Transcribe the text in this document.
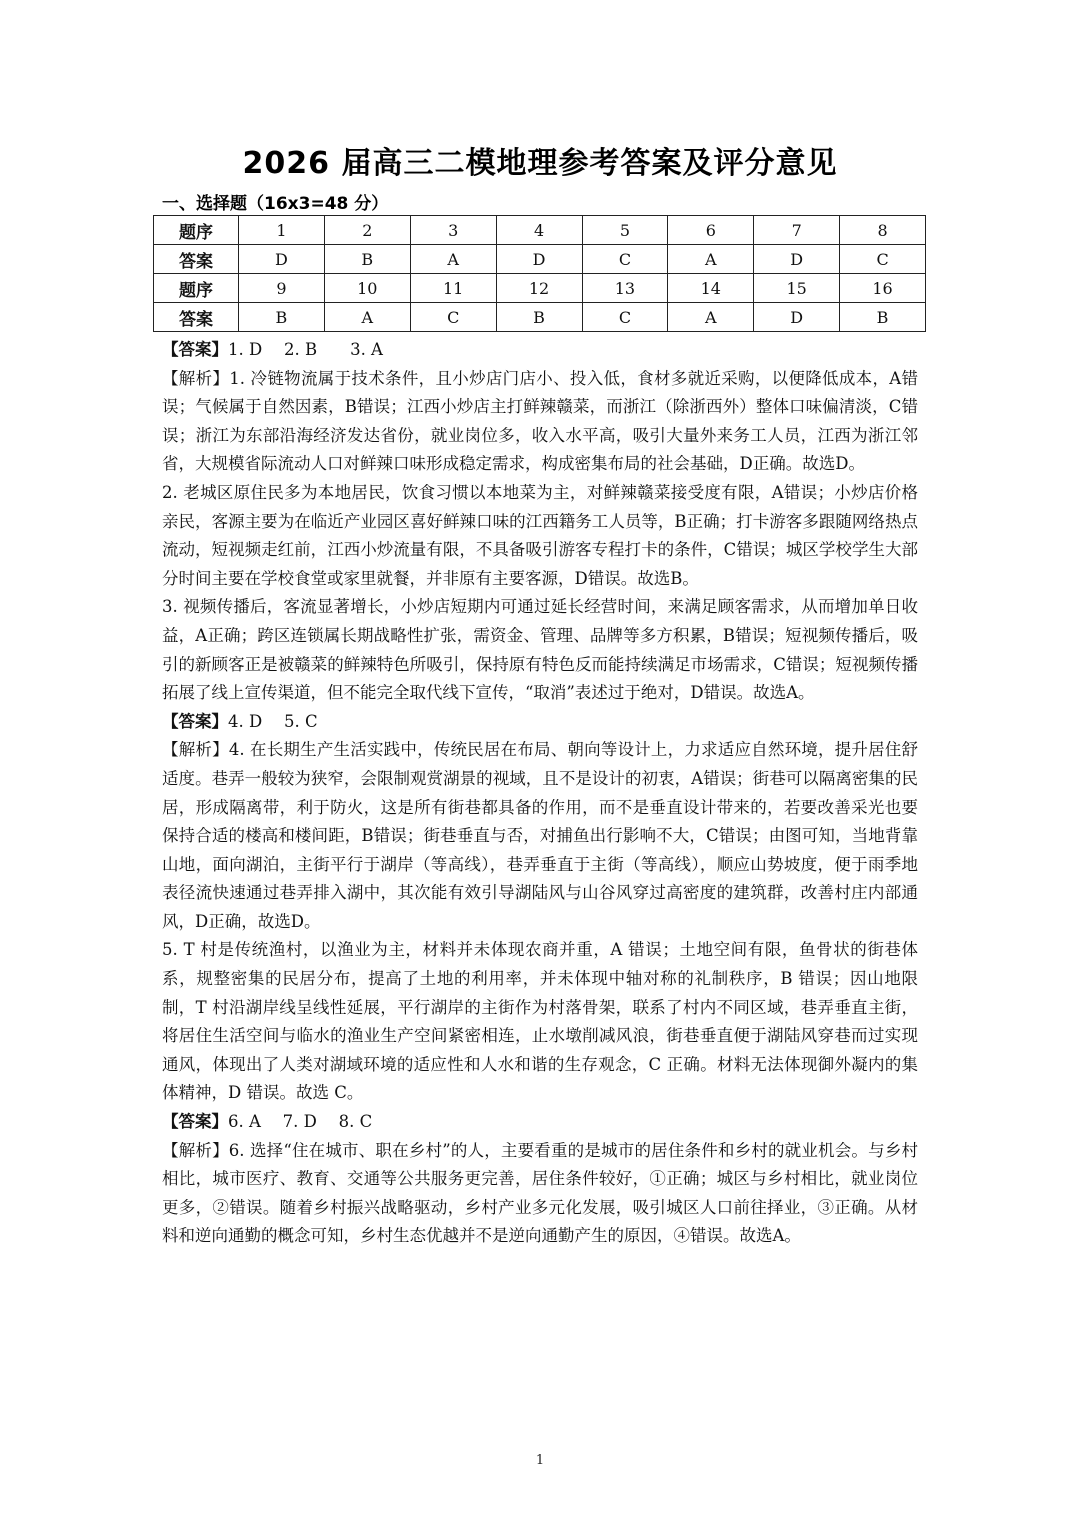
2026 届高三二模地理参考答案及评分意见
一、选择题（16x3=48 分）
题序	1	2	3	4	5	6	7	8
答案	D	B	A	D	C	A	D	C
题序	9	10	11	12	13	14	15	16
答案	B	A	C	B	C	A	D	B

【答案】1. D　 2. B　　3. A

【解析】1. 冷链物流属于技术条件，且小炒店门店小、投入低，食材多就近采购，以便降低成本，A错误；气候属于自然因素，B错误；江西小炒店主打鲜辣赣菜，而浙江（除浙西外）整体口味偏清淡，C错误；浙江为东部沿海经济发达省份，就业岗位多，收入水平高，吸引大量外来务工人员，江西为浙江邻省，大规模省际流动人口对鲜辣口味形成稳定需求，构成密集布局的社会基础，D正确。故选D。

2. 老城区原住民多为本地居民，饮食习惯以本地菜为主，对鲜辣赣菜接受度有限，A错误；小炒店价格亲民，客源主要为在临近产业园区喜好鲜辣口味的江西籍务工人员等，B正确；打卡游客多跟随网络热点流动，短视频走红前，江西小炒流量有限，不具备吸引游客专程打卡的条件，C错误；城区学校学生大部分时间主要在学校食堂或家里就餐，并非原有主要客源，D错误。故选B。

3. 视频传播后，客流显著增长，小炒店短期内可通过延长经营时间，来满足顾客需求，从而增加单日收益，A正确；跨区连锁属长期战略性扩张，需资金、管理、品牌等多方积累，B错误；短视频传播后，吸引的新顾客正是被赣菜的鲜辣特色所吸引，保持原有特色反而能持续满足市场需求，C错误；短视频传播拓展了线上宣传渠道，但不能完全取代线下宣传，“取消”表述过于绝对，D错误。故选A。

【答案】4. D　 5. C

【解析】4. 在长期生产生活实践中，传统民居在布局、朝向等设计上，力求适应自然环境，提升居住舒适度。巷弄一般较为狭窄，会限制观赏湖景的视域，且不是设计的初衷，A错误；街巷可以隔离密集的民居，形成隔离带，利于防火，这是所有街巷都具备的作用，而不是垂直设计带来的，若要改善采光也要保持合适的楼高和楼间距，B错误；街巷垂直与否，对捕鱼出行影响不大，C错误；由图可知，当地背靠山地，面向湖泊，主街平行于湖岸（等高线），巷弄垂直于主街（等高线），顺应山势坡度，便于雨季地表径流快速通过巷弄排入湖中，其次能有效引导湖陆风与山谷风穿过高密度的建筑群，改善村庄内部通风，D正确，故选D。

5. T 村是传统渔村，以渔业为主，材料并未体现农商并重，A 错误；土地空间有限，鱼骨状的街巷体系，规整密集的民居分布，提高了土地的利用率，并未体现中轴对称的礼制秩序，B 错误；因山地限制，T 村沿湖岸线呈线性延展，平行湖岸的主街作为村落骨架，联系了村内不同区域，巷弄垂直主街，将居住生活空间与临水的渔业生产空间紧密相连，止水墩削减风浪，街巷垂直便于湖陆风穿巷而过实现通风，体现出了人类对湖域环境的适应性和人水和谐的生存观念，C 正确。材料无法体现御外凝内的集体精神，D 错误。故选 C。

【答案】6. A　 7. D　 8. C

【解析】6. 选择“住在城市、职在乡村”的人，主要看重的是城市的居住条件和乡村的就业机会。与乡村相比，城市医疗、教育、交通等公共服务更完善，居住条件较好，①正确；城区与乡村相比，就业岗位更多，②错误。随着乡村振兴战略驱动，乡村产业多元化发展，吸引城区人口前往择业，③正确。从材料和逆向通勤的概念可知，乡村生态优越并不是逆向通勤产生的原因，④错误。故选A。

1
